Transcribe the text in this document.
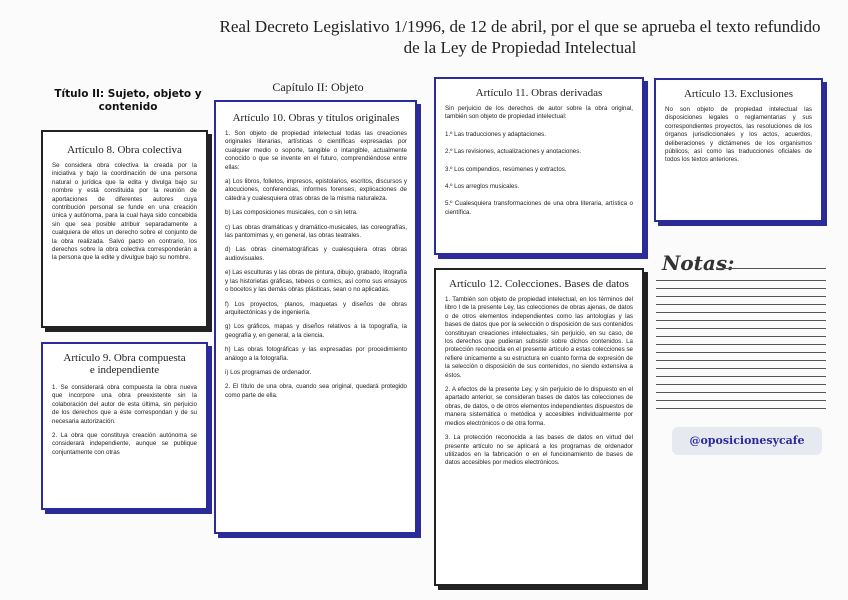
Real Decreto Legislativo 1/1996, de 12 de abril, por el que se aprueba el texto refundido
de la Ley de Propiedad Intelectual
Título II: Sujeto, objeto y
contenido
Capítulo II: Objeto
Artículo 8. Obra colectiva

Se considera obra colectiva la creada por la iniciativa y bajo la coordinación de una persona natural o jurídica que la edita y divulga bajo su nombre y está constituida por la reunión de aportaciones de diferentes autores cuya contribución personal se funde en una creación única y autónoma, para la cual haya sido concebida sin que sea posible atribuir separadamente a cualquiera de ellos un derecho sobre el conjunto de la obra realizada. Salvo pacto en contrario, los derechos sobre la obra colectiva corresponderán a la persona que la edite y divulgue bajo su nombre.

Artículo 9. Obra compuesta
e independiente

1. Se considerará obra compuesta la obra nueva que incorpore una obra preexistente sin la colaboración del autor de esta última, sin perjuicio de los derechos que a éste correspondan y de su necesaria autorización.

2. La obra que constituya creación autónoma se considerará independiente, aunque se publique conjuntamente con otras

Artículo 10. Obras y títulos originales

1. Son objeto de propiedad intelectual todas las creaciones originales literarias, artísticas o científicas expresadas por cualquier medio o soporte, tangible o intangible, actualmente conocido o que se invente en el futuro, comprendiéndose entre ellas:

a) Los libros, folletos, impresos, epistolarios, escritos, discursos y alocuciones, conferencias, informes forenses, explicaciones de cátedra y cualesquiera otras obras de la misma naturaleza.

b) Las composiciones musicales, con o sin letra.

c) Las obras dramáticas y dramático-musicales, las coreografías, las pantomimas y, en general, las obras teatrales.

d) Las obras cinematográficas y cualesquiera otras obras audiovisuales.

e) Las esculturas y las obras de pintura, dibujo, grabado, litografía y las historietas gráficas, tebeos o comics, así como sus ensayos o bocetos y las demás obras plásticas, sean o no aplicadas.

f) Los proyectos, planos, maquetas y diseños de obras arquitectónicas y de ingeniería.

g) Los gráficos, mapas y diseños relativos a la topografía, la geografía y, en general, a la ciencia.

h) Las obras fotográficas y las expresadas por procedimiento análogo a la fotografía.

i) Los programas de ordenador.

2. El título de una obra, cuando sea original, quedará protegido como parte de ella.

Artículo 11. Obras derivadas

Sin perjuicio de los derechos de autor sobre la obra original, también son objeto de propiedad intelectual:

1.º Las traducciones y adaptaciones.

2.º Las revisiones, actualizaciones y anotaciones.

3.º Los compendios, resúmenes y extractos.

4.º Los arreglos musicales.

5.º Cualesquiera transformaciones de una obra literaria, artística o científica.

Artículo 12. Colecciones. Bases de datos

1. También son objeto de propiedad intelectual, en los términos del libro I de la presente Ley, las colecciones de obras ajenas, de datos o de otros elementos independientes como las antologías y las bases de datos que por la selección o disposición de sus contenidos constituyan creaciones intelectuales, sin perjuicio, en su caso, de los derechos que pudieran subsistir sobre dichos contenidos. La protección reconocida en el presente artículo a estas colecciones se refiere únicamente a su estructura en cuanto forma de expresión de la selección o disposición de sus contenidos, no siendo extensiva a éstos.

2. A efectos de la presente Ley, y sin perjuicio de lo dispuesto en el apartado anterior, se consideran bases de datos las colecciones de obras, de datos, o de otros elementos independientes dispuestos de manera sistemática o metódica y accesibles individualmente por medios electrónicos o de otra forma.

3. La protección reconocida a las bases de datos en virtud del presente artículo no se aplicará a los programas de ordenador utilizados en la fabricación o en el funcionamiento de bases de datos accesibles por medios electrónicos.

Artículo 13. Exclusiones

No son objeto de propiedad intelectual las disposiciones legales o reglamentarias y sus correspondientes proyectos, las resoluciones de los órganos jurisdiccionales y los actos, acuerdos, deliberaciones y dictámenes de los organismos públicos, así como las traducciones oficiales de todos los textos anteriores.

Notas:
@oposicionesycafe
